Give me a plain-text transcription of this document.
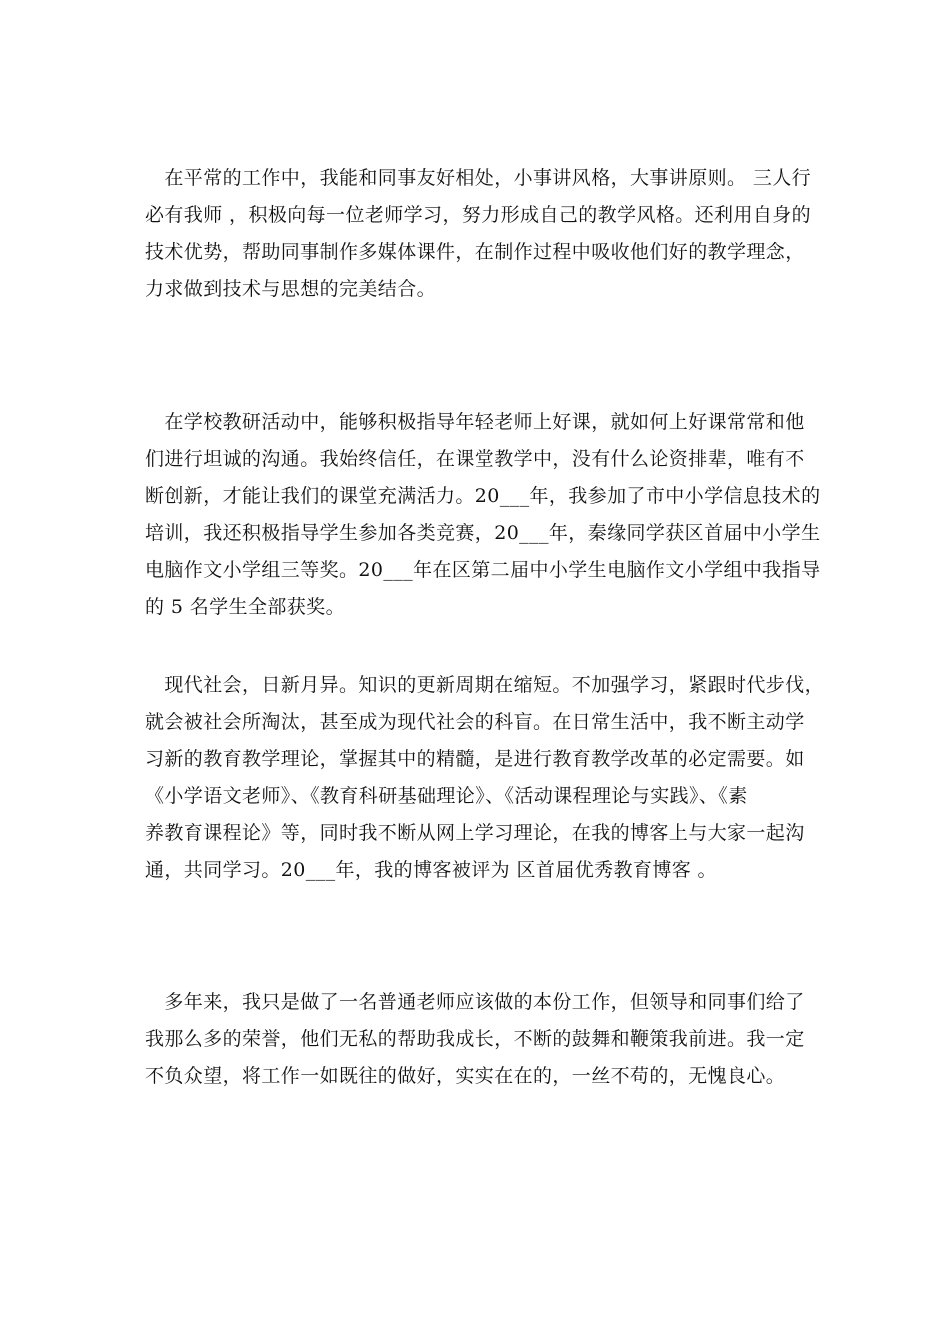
　在平常的工作中，我能和同事友好相处，小事讲风格，大事讲原则。 三人行
必有我师 ，积极向每一位老师学习，努力形成自己的教学风格。还利用自身的
技术优势，帮助同事制作多媒体课件，在制作过程中吸收他们好的教学理念，
力求做到技术与思想的完美结合。
　在学校教研活动中，能够积极指导年轻老师上好课，就如何上好课常常和他
们进行坦诚的沟通。我始终信任，在课堂教学中，没有什么论资排辈，唯有不
断创新，才能让我们的课堂充满活力。20___年，我参加了市中小学信息技术的
培训，我还积极指导学生参加各类竞赛，20___年，秦缘同学获区首届中小学生
电脑作文小学组三等奖。20___年在区第二届中小学生电脑作文小学组中我指导
的 5 名学生全部获奖。
　现代社会，日新月异。知识的更新周期在缩短。不加强学习，紧跟时代步伐，
就会被社会所淘汰，甚至成为现代社会的科盲。在日常生活中，我不断主动学
习新的教育教学理论，掌握其中的精髓，是进行教育教学改革的必定需要。如
《小学语文老师》、《教育科研基础理论》、《活动课程理论与实践》、《素
养教育课程论》等，同时我不断从网上学习理论，在我的博客上与大家一起沟
通，共同学习。20___年，我的博客被评为 区首届优秀教育博客 。
　多年来，我只是做了一名普通老师应该做的本份工作，但领导和同事们给了
我那么多的荣誉，他们无私的帮助我成长，不断的鼓舞和鞭策我前进。我一定
不负众望，将工作一如既往的做好，实实在在的，一丝不苟的，无愧良心。
